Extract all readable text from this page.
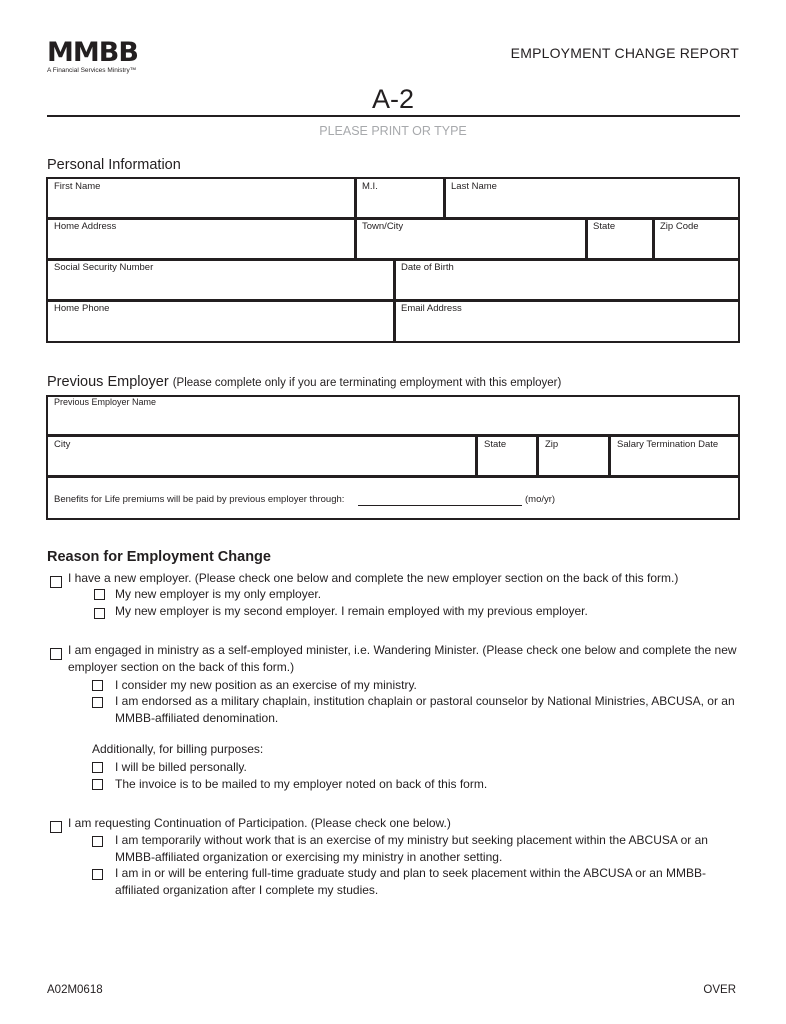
MMBB
A Financial Services Ministry™
EMPLOYMENT CHANGE REPORT
A-2
PLEASE PRINT OR TYPE
Personal Information
First Name	M.I.	Last Name
Home Address	Town/City	State	Zip Code
Social Security Number	Date of Birth
Home Phone	Email Address
Previous Employer (Please complete only if you are terminating employment with this employer)
Previous Employer Name
City	State	Zip	Salary Termination Date
Benefits for Life premiums will be paid by previous employer through:	(mo/yr)
Reason for Employment Change
I have a new employer. (Please check one below and complete the new employer section on the back of this form.)
My new employer is my only employer.
My new employer is my second employer. I remain employed with my previous employer.
I am engaged in ministry as a self-employed minister, i.e. Wandering Minister. (Please check one below and complete the new
employer section on the back of this form.)
I consider my new position as an exercise of my ministry.
I am endorsed as a military chaplain, institution chaplain or pastoral counselor by National Ministries, ABCUSA, or an
MMBB-affiliated denomination.
Additionally, for billing purposes:
I will be billed personally.
The invoice is to be mailed to my employer noted on back of this form.
I am requesting Continuation of Participation. (Please check one below.)
I am temporarily without work that is an exercise of my ministry but seeking placement within the ABCUSA or an
MMBB-affiliated organization or exercising my ministry in another setting.
I am in or will be entering full-time graduate study and plan to seek placement within the ABCUSA or an MMBB-
affiliated organization after I complete my studies.
A02M0618	OVER
